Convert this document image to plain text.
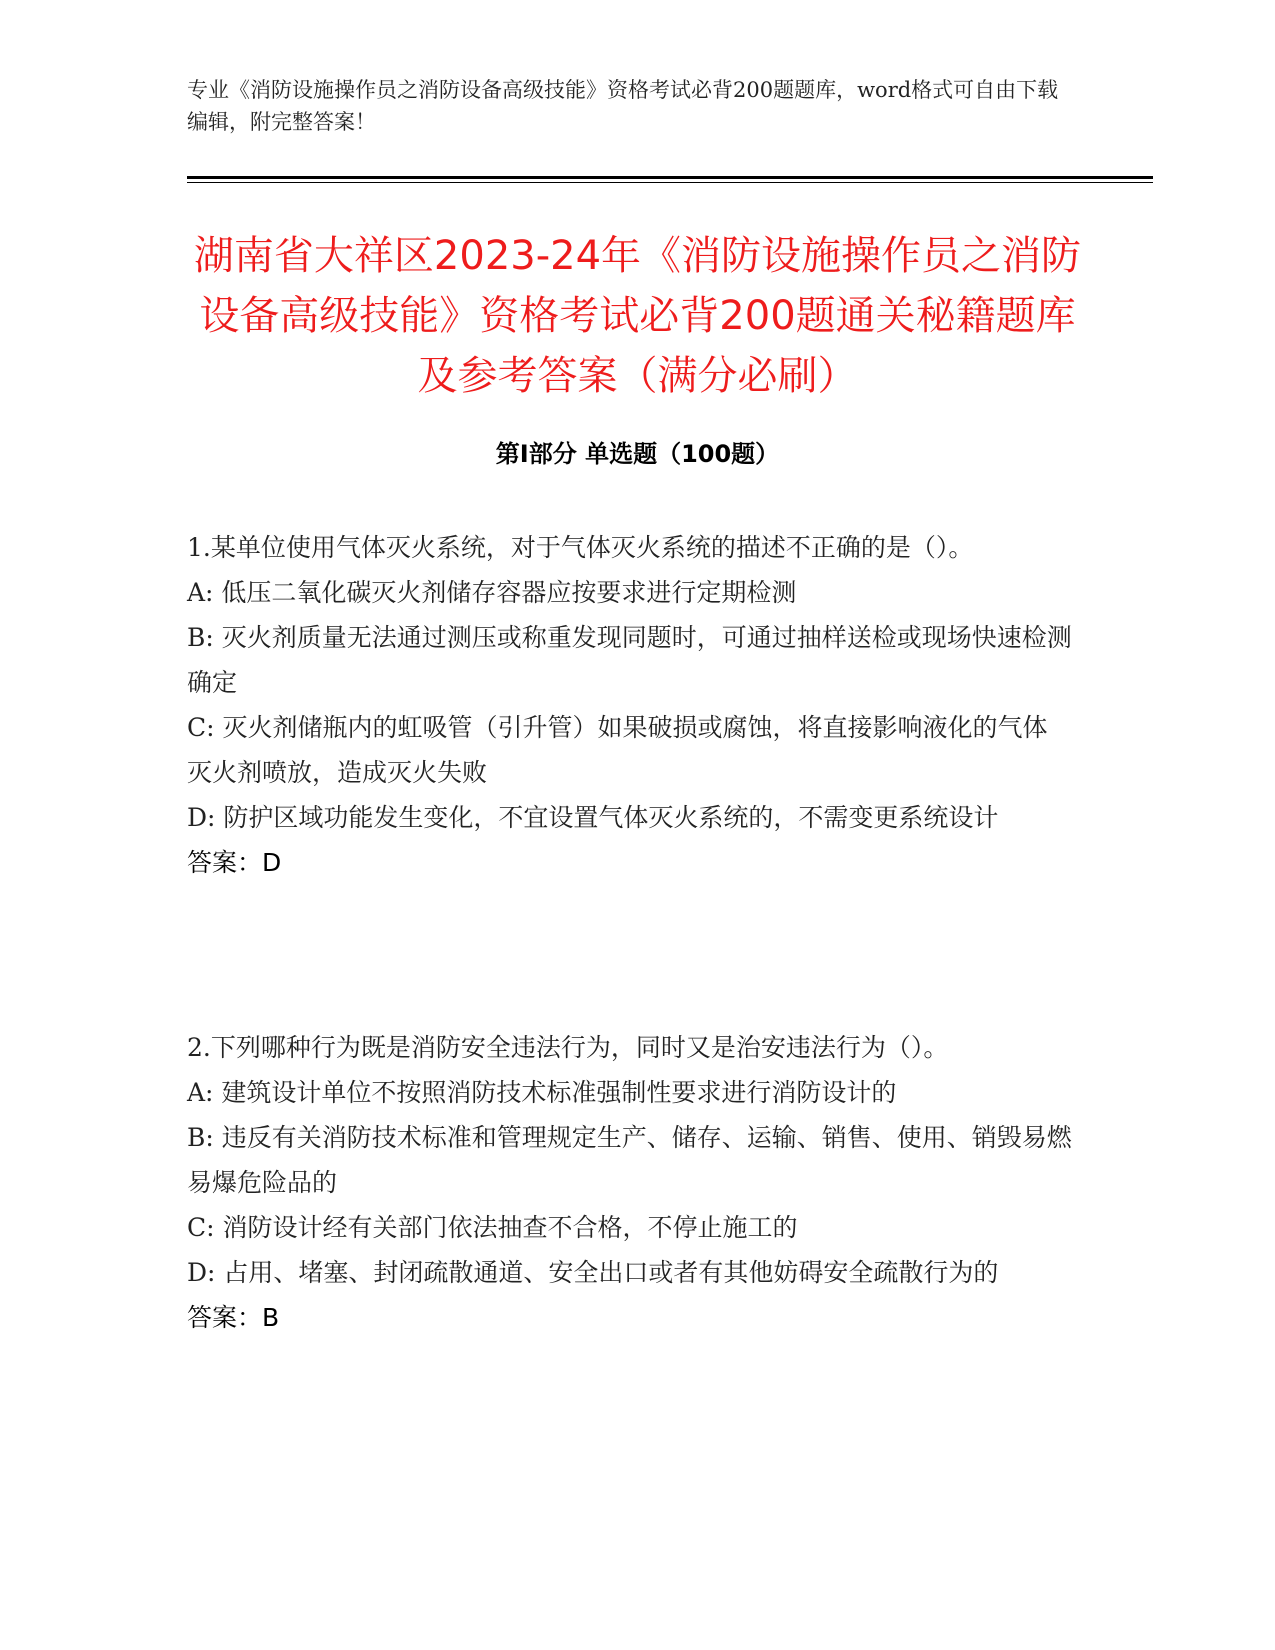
专业《消防设施操作员之消防设备高级技能》资格考试必背200题题库，word格式可自由下载编辑，附完整答案！
湖南省大祥区2023-24年《消防设施操作员之消防设备高级技能》资格考试必背200题通关秘籍题库及参考答案（满分必刷）
第I部分 单选题（100题）

1.某单位使用气体灭火系统，对于气体灭火系统的描述不正确的是（）。

A: 低压二氧化碳灭火剂储存容器应按要求进行定期检测

B: 灭火剂质量无法通过测压或称重发现同题时，可通过抽样送检或现场快速检测确定

C: 灭火剂储瓶内的虹吸管（引升管）如果破损或腐蚀，将直接影响液化的气体灭火剂喷放，造成灭火失败

D: 防护区域功能发生变化，不宜设置气体灭火系统的，不需变更系统设计

答案：D

2.下列哪种行为既是消防安全违法行为，同时又是治安违法行为（）。

A: 建筑设计单位不按照消防技术标准强制性要求进行消防设计的

B: 违反有关消防技术标准和管理规定生产、储存、运输、销售、使用、销毁易燃易爆危险品的

C: 消防设计经有关部门依法抽查不合格，不停止施工的

D: 占用、堵塞、封闭疏散通道、安全出口或者有其他妨碍安全疏散行为的

答案：B
